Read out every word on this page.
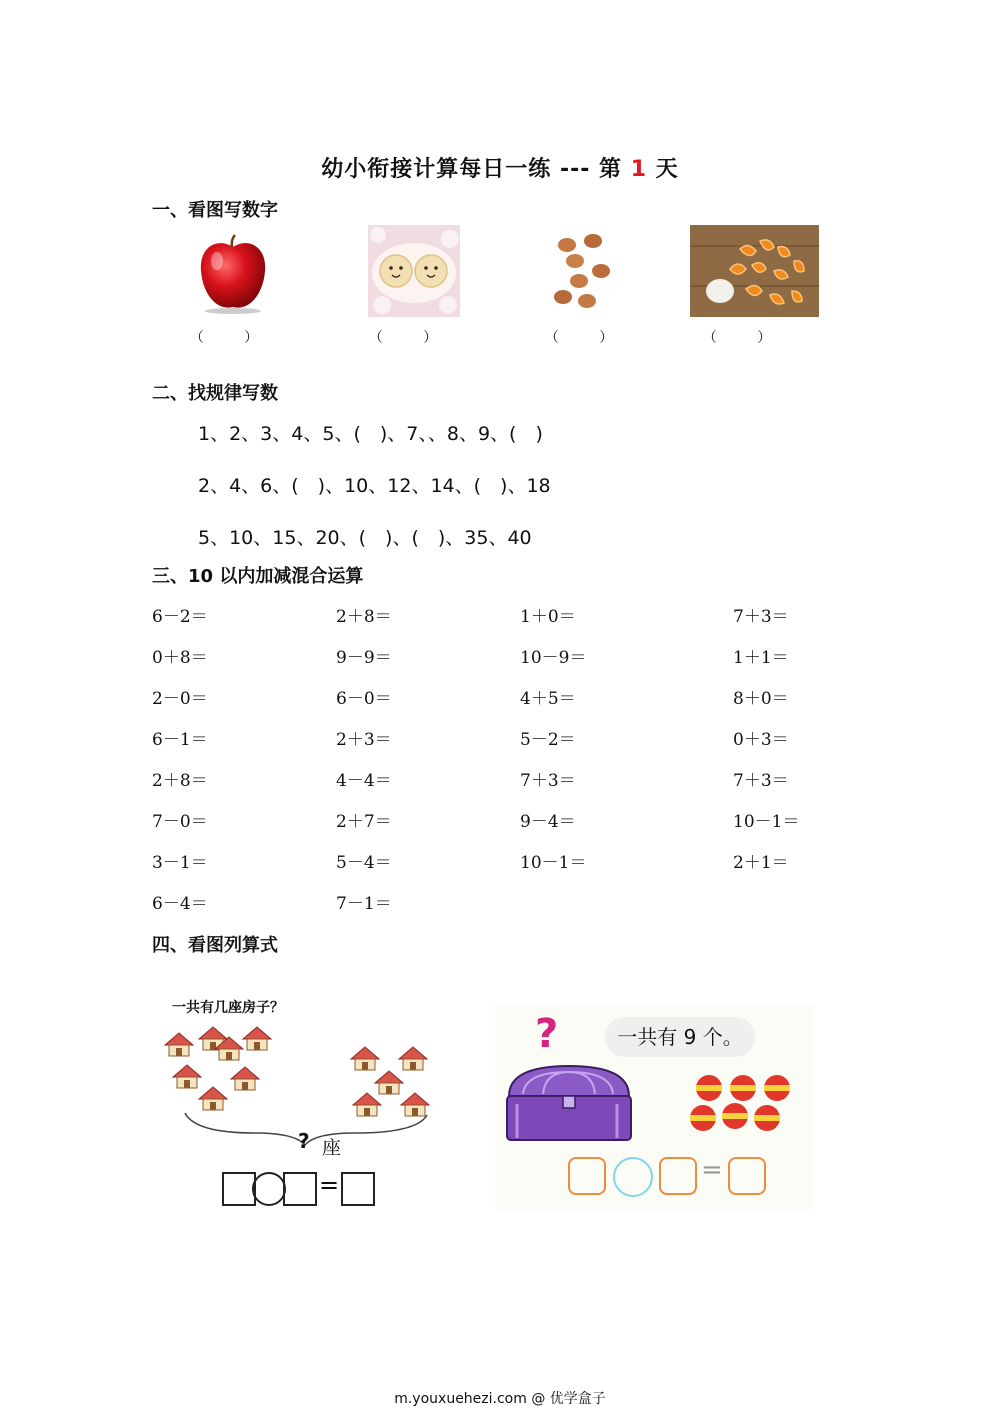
幼小衔接计算每日一练 --- 第 1 天
一、看图写数字
（ ）	（ ）	（ ）	（ ）
二、找规律写数
1、2、3、4、5、(　)、7、、8、9、(　)
2、4、6、(　)、10、12、14、(　)、18
5、10、15、20、(　)、(　)、35、40
三、10 以内加减混合运算
6－2＝	2＋8＝	1＋0＝	7＋3＝
0＋8＝	9－9＝	10－9＝	1＋1＝
2－0＝	6－0＝	4＋5＝	8＋0＝
6－1＝	2＋3＝	5－2＝	0＋3＝
2＋8＝	4－4＝	7＋3＝	7＋3＝
7－0＝	2＋7＝	9－4＝	10－1＝
3－1＝	5－4＝	10－1＝	2＋1＝
6－4＝	7－1＝
四、看图列算式
一共有几座房子？
? 座
=
?	一共有 9 个。
=
m.youxuehezi.com @ 优学盒子
